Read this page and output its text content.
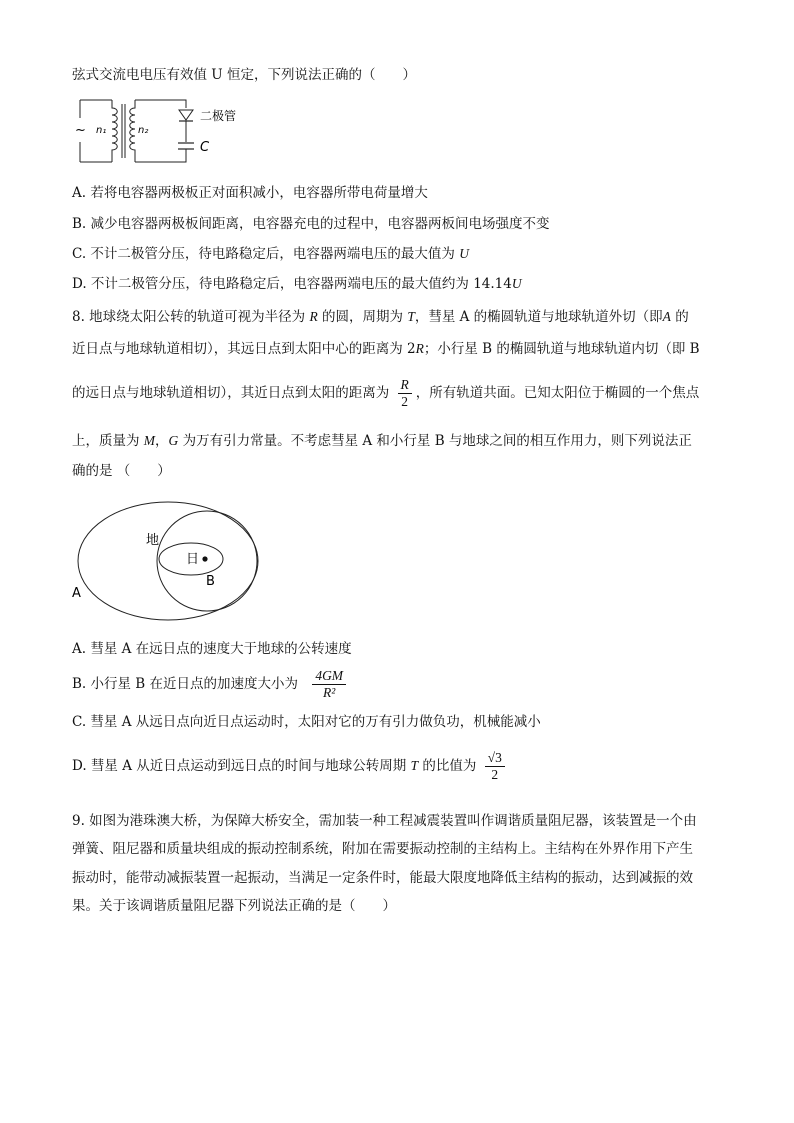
弦式交流电电压有效值 U 恒定，下列说法正确的（　　）
~ n₁	n₂
二极管
C
A. 若将电容器两极板正对面积减小，电容器所带电荷量增大
B. 减少电容器两极板间距离，电容器充电的过程中，电容器两板间电场强度不变
C. 不计二极管分压，待电路稳定后，电容器两端电压的最大值为 U
D. 不计二极管分压，待电路稳定后，电容器两端电压的最大值约为 14.14U
8. 地球绕太阳公转的轨道可视为半径为 R 的圆，周期为 T，彗星 A 的椭圆轨道与地球轨道外切（即A 的
近日点与地球轨道相切），其远日点到太阳中心的距离为 2R；小行星 B 的椭圆轨道与地球轨道内切（即 B
的远日点与地球轨道相切），其近日点到太阳的距离为 $\frac{R}{2}$ ，所有轨道共面。已知太阳位于椭圆的一个焦点
上，质量为 M，G 为万有引力常量。不考虑彗星 A 和小行星 B 与地球之间的相互作用力，则下列说法正
确的是 （　　）
地
日
B
A
A. 彗星 A 在远日点的速度大于地球的公转速度
B. 小行星 B 在近日点的加速度大小为 $\frac{4GM}{\text{R²}}$
C. 彗星 A 从远日点向近日点运动时，太阳对它的万有引力做负功，机械能减小
D. 彗星 A 从近日点运动到远日点的时间与地球公转周期 T 的比值为 $\frac{√3}{2}$
9. 如图为港珠澳大桥，为保障大桥安全，需加装一种工程减震装置叫作调谐质量阻尼器，该装置是一个由
弹簧、阻尼器和质量块组成的振动控制系统，附加在需要振动控制的主结构上。主结构在外界作用下产生
振动时，能带动减振装置一起振动，当满足一定条件时，能最大限度地降低主结构的振动，达到减振的效
果。关于该调谐质量阻尼器下列说法正确的是（　　）
